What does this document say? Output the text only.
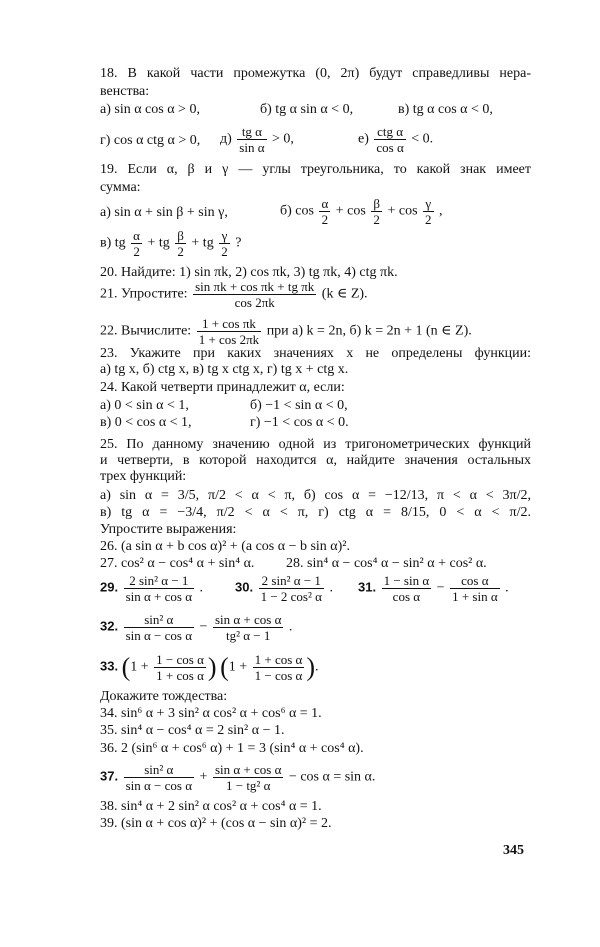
18. В какой части промежутка (0, 2π) будут справедливы нера-
венства:
а) sin α cos α > 0,	б) tg α sin α < 0,	в) tg α cos α < 0,
г) cos α ctg α > 0, $д) \frac{\text{tg α}}{\text{sin α}} > 0$,	$е) \frac{\text{ctg α}}{\text{cos α}} < 0$.
19. Если α, β и γ — углы треугольника, то какой знак имеет
сумма:
а) sin α + sin β + sin γ,	б) $\cos \frac{\alpha}{2} + \cos \frac{\beta}{2} + \cos \frac{\gamma}{2}$ ,
в) tg $\frac{\alpha}{2}$ + tg $\frac{\beta}{2}$ + tg $\frac{\gamma}{2}$ ?
20. Найдите: 1) sin πk, 2) cos πk, 3) tg πk, 4) ctg πk.
21. Упростите: $\frac{\text{sin πk + cos πk + tg πk}}{\cos 2\pi k} (k$ ∈ Z).
22. Вычислите: $\frac{\text{1 + cos πk}}{1 + \cos 2\pi k}$ при а) k = 2n, б) k = 2n + 1 (n ∈ Z).
23. Укажите при каких значениях x не определены функции:
а) tg x, б) ctg x, в) tg x ctg x, г) tg x + ctg x.
24. Какой четверти принадлежит α, если:
а) 0 < sin α < 1,	б) −1 < sin α < 0,
в) 0 < cos α < 1,	г) −1 < cos α < 0.
25. По данному значению одной из тригонометрических функций
и четверти, в которой находится α, найдите значения остальных
трех функций:
а) sin α = 3/5, π/2 < α < π, б) cos α = −12/13, π < α < 3π/2,
в) tg α = −3/4, π/2 < α < π, г) ctg α = 8/15, 0 < α < π/2.
Упростите выражения:
26. (a sin α + b cos α)² + (a cos α − b sin α)².
27. cos² α − cos⁴ α + sin⁴ α. 28. sin⁴ α − cos⁴ α − sin² α + cos² α.
29. $\frac{\text{2 sin² α − 1}}{\text{sin α + cos α}}$ . 30. $\frac{\text{2 sin² α − 1}}{\text{1 − 2 cos² α}}$ . 31. $\frac{\text{1 − sin α}}{\text{cos α}} - \frac{\text{cos α}}{\text{1 + sin α}}$ .
32. $\frac{\text{sin² α}}{\text{sin α − cos α}} - \frac{\text{sin α + cos α}}{\text{tg² α − 1}}$ .
33. ($1 + \frac{\text{1 − cos α}}{\text{1 + cos α}}$ ) ($1 + \frac{\text{1 + cos α}}{\text{1 − cos α}}$ ).
Докажите тождества:
34. sin⁶ α + 3 sin² α cos² α + cos⁶ α = 1.
35. sin⁴ α − cos⁴ α = 2 sin² α − 1.
36. 2 (sin⁶ α + cos⁶ α) + 1 = 3 (sin⁴ α + cos⁴ α).
37. $\frac{\text{sin² α}}{\text{sin α − cos α}} + \frac{\text{sin α + cos α}}{\text{1 − tg² α}} - \cos \alpha = \sin \alpha$.
38. sin⁴ α + 2 sin² α cos² α + cos⁴ α = 1.
39. (sin α + cos α)² + (cos α − sin α)² = 2.
345
